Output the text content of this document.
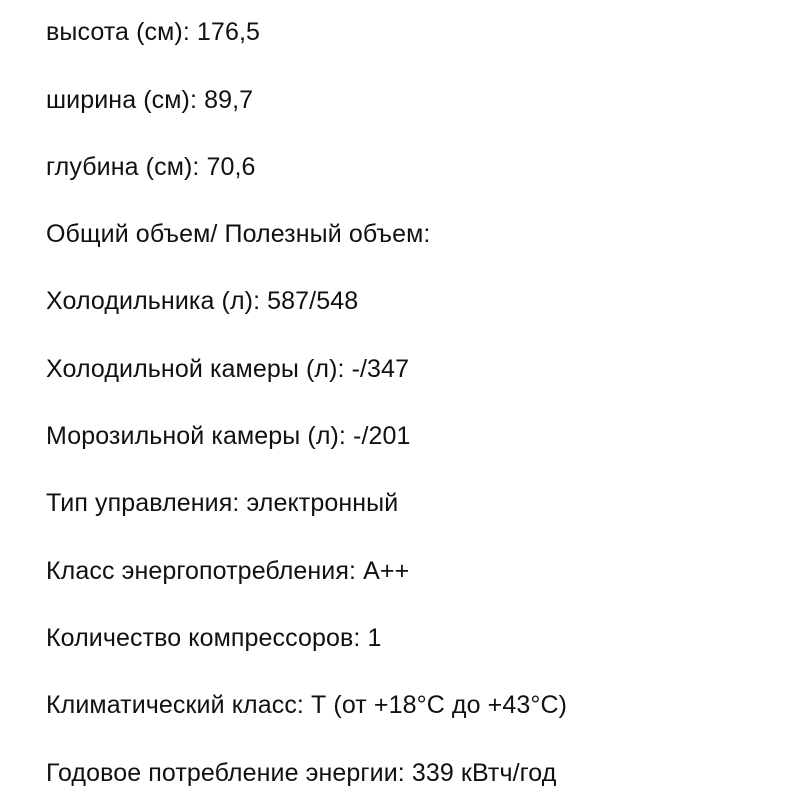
высота (см): 176,5
ширина (см): 89,7
глубина (см): 70,6
Общий объем/ Полезный объем:
Холодильника (л): 587/548
Холодильной камеры (л): -/347
Морозильной камеры (л): -/201
Тип управления: электронный
Класс энергопотребления: A++
Количество компрессоров: 1
Климатический класс: Т (от +18°С до +43°С)
Годовое потребление энергии: 339 кВтч/год
